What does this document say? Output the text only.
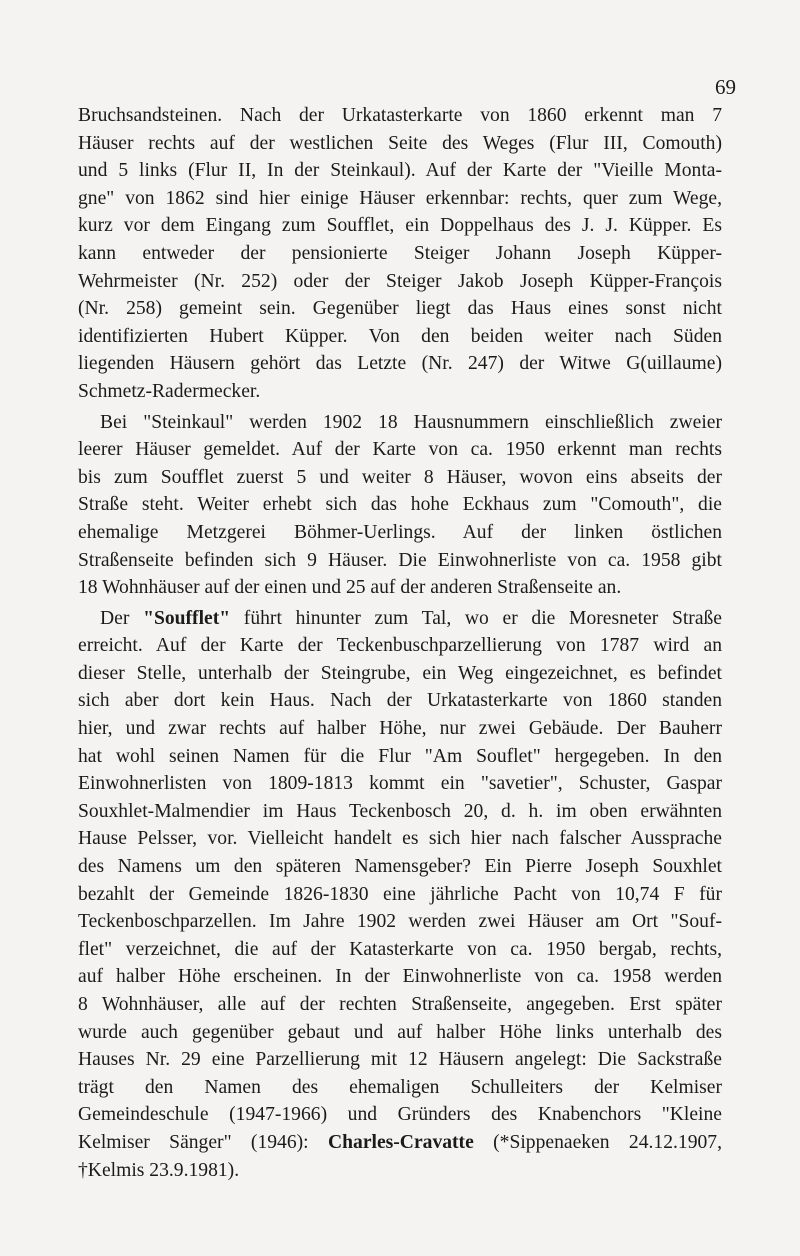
69
Bruchsandsteinen. Nach der Urkatasterkarte von 1860 erkennt man 7
Häuser rechts auf der westlichen Seite des Weges (Flur III, Comouth)
und 5 links (Flur II, In der Steinkaul). Auf der Karte der "Vieille Monta-
gne" von 1862 sind hier einige Häuser erkennbar: rechts, quer zum Wege,
kurz vor dem Eingang zum Soufflet, ein Doppelhaus des J. J. Küpper. Es
kann entweder der pensionierte Steiger Johann Joseph Küpper-
Wehrmeister (Nr. 252) oder der Steiger Jakob Joseph Küpper-François
(Nr. 258) gemeint sein. Gegenüber liegt das Haus eines sonst nicht
identifizierten Hubert Küpper. Von den beiden weiter nach Süden
liegenden Häusern gehört das Letzte (Nr. 247) der Witwe G(uillaume)
Schmetz-Radermecker.
Bei "Steinkaul" werden 1902 18 Hausnummern einschließlich zweier
leerer Häuser gemeldet. Auf der Karte von ca. 1950 erkennt man rechts
bis zum Soufflet zuerst 5 und weiter 8 Häuser, wovon eins abseits der
Straße steht. Weiter erhebt sich das hohe Eckhaus zum "Comouth", die
ehemalige Metzgerei Böhmer-Uerlings. Auf der linken östlichen
Straßenseite befinden sich 9 Häuser. Die Einwohnerliste von ca. 1958 gibt
18 Wohnhäuser auf der einen und 25 auf der anderen Straßenseite an.
Der "Soufflet" führt hinunter zum Tal, wo er die Moresneter Straße
erreicht. Auf der Karte der Teckenbuschparzellierung von 1787 wird an
dieser Stelle, unterhalb der Steingrube, ein Weg eingezeichnet, es befindet
sich aber dort kein Haus. Nach der Urkatasterkarte von 1860 standen
hier, und zwar rechts auf halber Höhe, nur zwei Gebäude. Der Bauherr
hat wohl seinen Namen für die Flur "Am Souflet" hergegeben. In den
Einwohnerlisten von 1809-1813 kommt ein "savetier", Schuster, Gaspar
Souxhlet-Malmendier im Haus Teckenbosch 20, d. h. im oben erwähnten
Hause Pelsser, vor. Vielleicht handelt es sich hier nach falscher Aussprache
des Namens um den späteren Namensgeber? Ein Pierre Joseph Souxhlet
bezahlt der Gemeinde 1826-1830 eine jährliche Pacht von 10,74 F für
Teckenboschparzellen. Im Jahre 1902 werden zwei Häuser am Ort "Souf-
flet" verzeichnet, die auf der Katasterkarte von ca. 1950 bergab, rechts,
auf halber Höhe erscheinen. In der Einwohnerliste von ca. 1958 werden
8 Wohnhäuser, alle auf der rechten Straßenseite, angegeben. Erst später
wurde auch gegenüber gebaut und auf halber Höhe links unterhalb des
Hauses Nr. 29 eine Parzellierung mit 12 Häusern angelegt: Die Sackstraße
trägt den Namen des ehemaligen Schulleiters der Kelmiser
Gemeindeschule (1947-1966) und Gründers des Knabenchors "Kleine
Kelmiser Sänger" (1946): Charles-Cravatte (*Sippenaeken 24.12.1907,
†Kelmis 23.9.1981).
